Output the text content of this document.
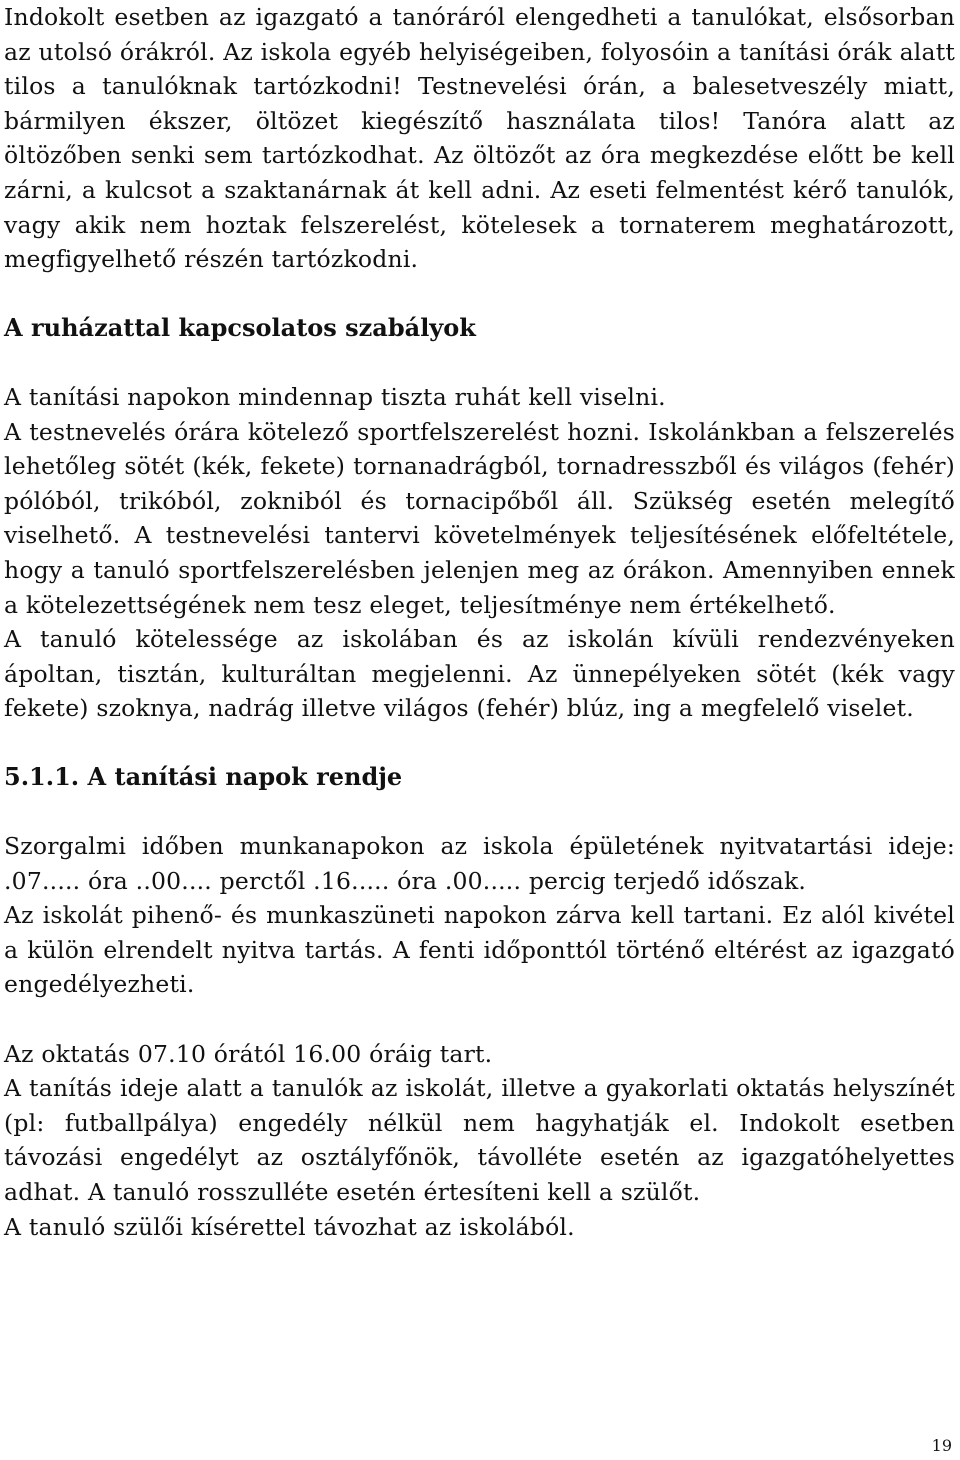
Indokolt esetben az igazgató a tanóráról elengedheti a tanulókat, elsősorban az utolsó órákról. Az iskola egyéb helyiségeiben, folyosóin a tanítási órák alatt tilos a tanulóknak tartózkodni! Testnevelési órán, a balesetveszély miatt, bármilyen ékszer, öltözet kiegészítő használata tilos! Tanóra alatt az öltözőben senki sem tartózkodhat. Az öltözőt az óra megkezdése előtt be kell zárni, a kulcsot a szaktanárnak át kell adni. Az eseti felmentést kérő tanulók, vagy akik nem hoztak felszerelést, kötelesek a tornaterem meghatározott, megfigyelhető részén tartózkodni.

A ruházattal kapcsolatos szabályok

A tanítási napokon mindennap tiszta ruhát kell viselni.

A testnevelés órára kötelező sportfelszerelést hozni. Iskolánkban a felszerelés lehetőleg sötét (kék, fekete) tornanadrágból, tornadresszből és világos (fehér) pólóból, trikóból, zokniból és tornacipőből áll. Szükség esetén melegítő viselhető. A testnevelési tantervi követelmények teljesítésének előfeltétele, hogy a tanuló sportfelszerelésben jelenjen meg az órákon. Amennyiben ennek a kötelezettségének nem tesz eleget, teljesítménye nem értékelhető.

A tanuló kötelessége az iskolában és az iskolán kívüli rendezvényeken ápoltan, tisztán, kulturáltan megjelenni. Az ünnepélyeken sötét (kék vagy fekete) szoknya, nadrág illetve világos (fehér) blúz, ing a megfelelő viselet.

5.1.1. A tanítási napok rendje

Szorgalmi időben munkanapokon az iskola épületének nyitvatartási ideje: .07..... óra ..00.... perctől .16..... óra .00..... percig terjedő időszak.

Az iskolát pihenő- és munkaszüneti napokon zárva kell tartani. Ez alól kivétel a külön elrendelt nyitva tartás. A fenti időponttól történő eltérést az igazgató engedélyezheti.

Az oktatás 07.10 órától 16.00 óráig tart.

A tanítás ideje alatt a tanulók az iskolát, illetve a gyakorlati oktatás helyszínét (pl: futballpálya) engedély nélkül nem hagyhatják el. Indokolt esetben távozási engedélyt az osztályfőnök, távolléte esetén az igazgatóhelyettes adhat. A tanuló rosszulléte esetén értesíteni kell a szülőt.

A tanuló szülői kísérettel távozhat az iskolából.

19
